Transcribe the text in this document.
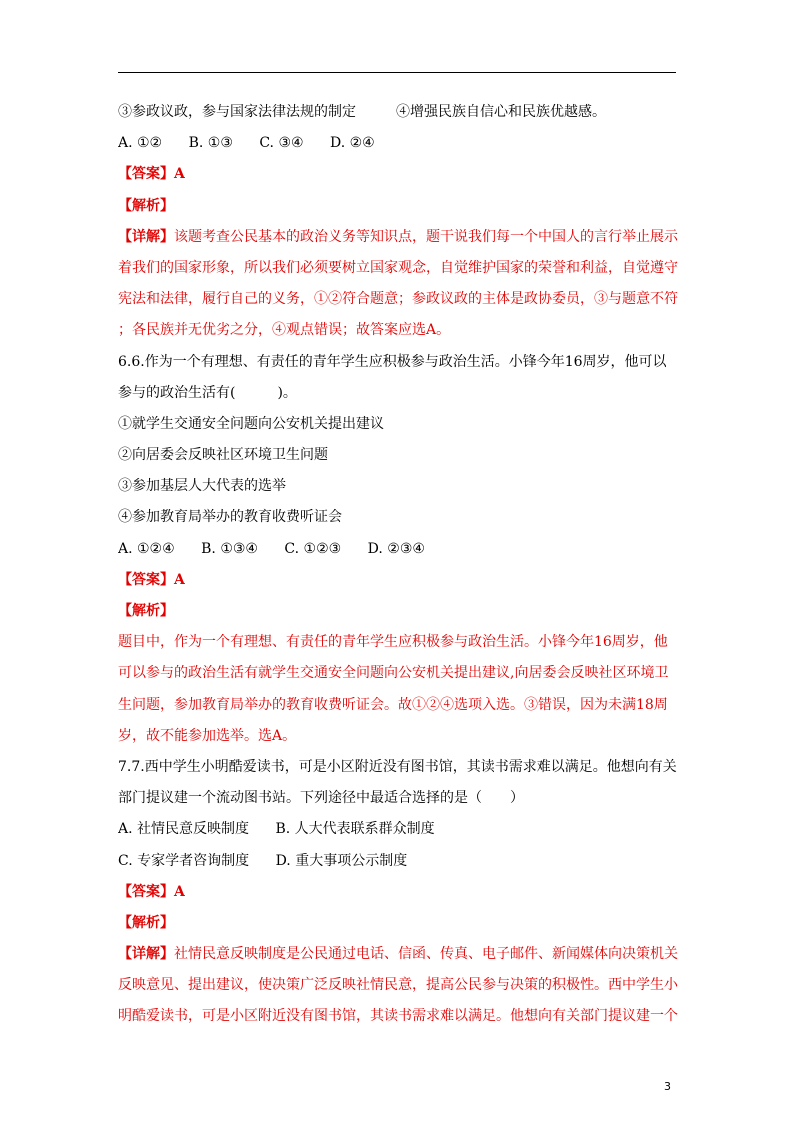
③参政议政，参与国家法律法规的制定	④增强民族自信心和民族优越感。
A. ①② B. ①③ C. ③④ D. ②④
【答案】A
【解析】
【详解】该题考查公民基本的政治义务等知识点，题干说我们每一个中国人的言行举止展示
着我们的国家形象，所以我们必须要树立国家观念，自觉维护国家的荣誉和利益，自觉遵守
宪法和法律，履行自己的义务，①②符合题意；参政议政的主体是政协委员，③与题意不符
；各民族并无优劣之分，④观点错误；故答案应选A。
6.6.作为一个有理想、有责任的青年学生应积极参与政治生活。小锋今年16周岁，他可以
参与的政治生活有(　　　)。
①就学生交通安全问题向公安机关提出建议
②向居委会反映社区环境卫生问题
③参加基层人大代表的选举
④参加教育局举办的教育收费听证会
A. ①②④ B. ①③④ C. ①②③ D. ②③④
【答案】A
【解析】
题目中，作为一个有理想、有责任的青年学生应积极参与政治生活。小锋今年16周岁，他
可以参与的政治生活有就学生交通安全问题向公安机关提出建议,向居委会反映社区环境卫
生问题，参加教育局举办的教育收费听证会。故①②④选项入选。③错误，因为未满18周
岁，故不能参加选举。选A。
7.7.西中学生小明酷爱读书，可是小区附近没有图书馆，其读书需求难以满足。他想向有关
部门提议建一个流动图书站。下列途径中最适合选择的是（　　）
A. 社情民意反映制度 B. 人大代表联系群众制度
C. 专家学者咨询制度 D. 重大事项公示制度
【答案】A
【解析】
【详解】社情民意反映制度是公民通过电话、信函、传真、电子邮件、新闻媒体向决策机关
反映意见、提出建议，使决策广泛反映社情民意，提高公民参与决策的积极性。西中学生小
明酷爱读书，可是小区附近没有图书馆，其读书需求难以满足。他想向有关部门提议建一个
3
